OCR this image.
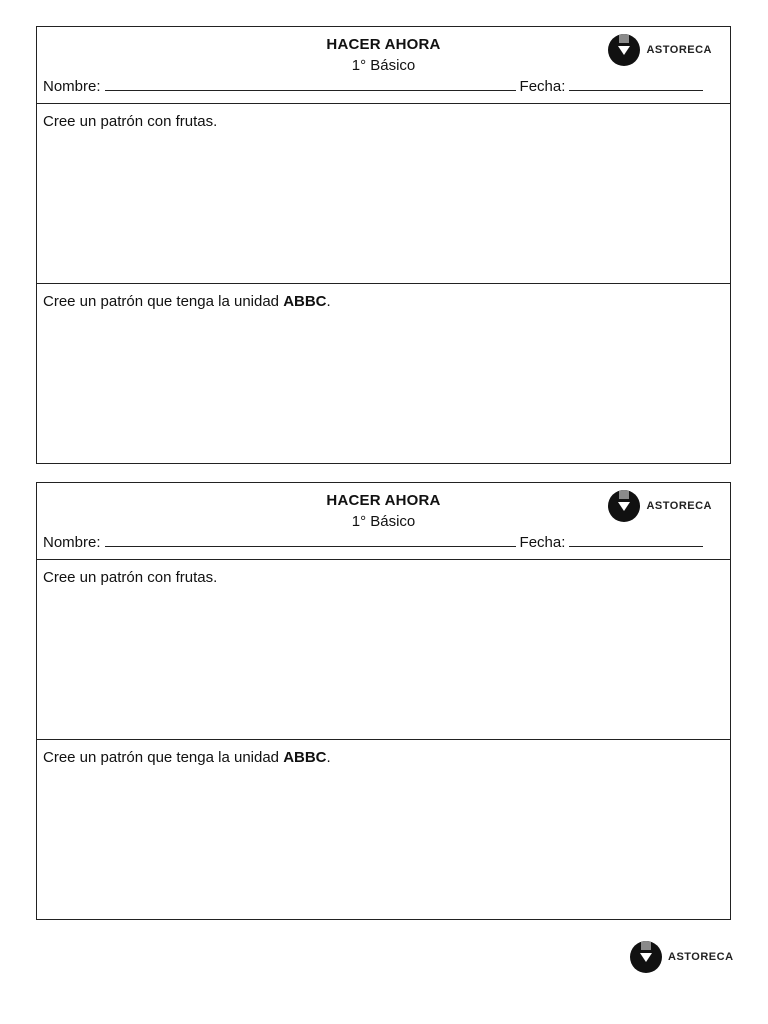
HACER AHORA
1° Básico
Nombre:	Fecha:
ASTORECA
Cree un patrón con frutas.
Cree un patrón que tenga la unidad ABBC.
HACER AHORA
1° Básico
Nombre:	Fecha:
ASTORECA
Cree un patrón con frutas.
Cree un patrón que tenga la unidad ABBC.
ASTORECA
